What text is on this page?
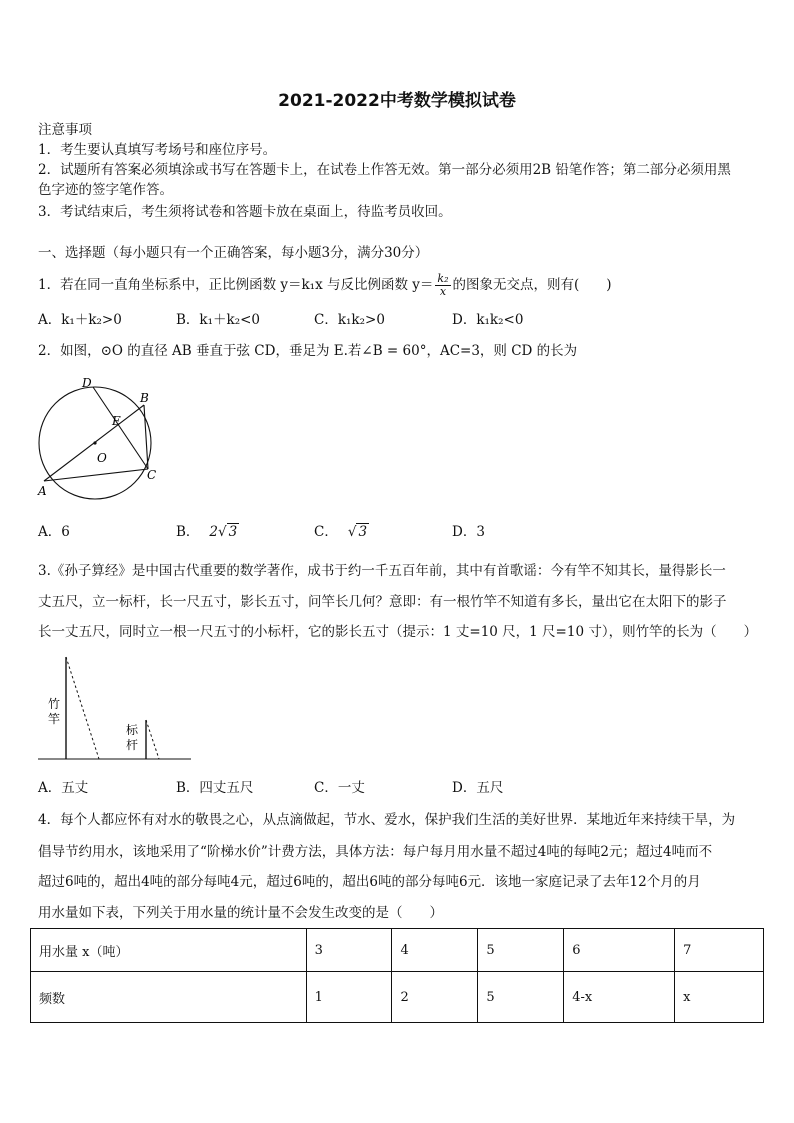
2021-2022中考数学模拟试卷
注意事项
1．考生要认真填写考场号和座位序号。
2．试题所有答案必须填涂或书写在答题卡上，在试卷上作答无效。第一部分必须用2B 铅笔作答；第二部分必须用黑
色字迹的签字笔作答。
3．考试结束后，考生须将试卷和答题卡放在桌面上，待监考员收回。
一、选择题（每小题只有一个正确答案，每小题3分，满分30分）
1．若在同一直角坐标系中，正比例函数 y＝k₁x 与反比例函数 $y= \frac{\text{k₂}}{x}$ 的图象无交点，则有(　　)
A．k₁＋k₂>0	B．k₁＋k₂<0	C．k₁k₂>0	D．k₁k₂<0
2．如图，⊙O 的直径 AB 垂直于弦 CD，垂足为 E.若∠B = 60°，AC=3，则 CD 的长为
D
B
E
O
A
C
A．6	B． 2√ 3	C． √ 3	D．3
3.《孙子算经》是中国古代重要的数学著作，成书于约一千五百年前，其中有首歌谣：今有竿不知其长，量得影长一
丈五尺，立一标杆，长一尺五寸，影长五寸，问竿长几何？意即：有一根竹竿不知道有多长，量出它在太阳下的影子
长一丈五尺，同时立一根一尺五寸的小标杆，它的影长五寸（提示：1 丈=10 尺，1 尺=10 寸），则竹竿的长为（　　）
竹
竿
标
杆
A．五丈	B．四丈五尺	C．一丈	D．五尺
4．每个人都应怀有对水的敬畏之心，从点滴做起，节水、爱水，保护我们生活的美好世界．某地近年来持续干旱，为
倡导节约用水，该地采用了“阶梯水价”计费方法，具体方法：每户每月用水量不超过4吨的每吨2元；超过4吨而不
超过6吨的，超出4吨的部分每吨4元，超过6吨的，超出6吨的部分每吨6元．该地一家庭记录了去年12个月的月
用水量如下表，下列关于用水量的统计量不会发生改变的是（　　）
用水量 x（吨）	3	4	5	6	7
频数	1	2	5	4-x	x
